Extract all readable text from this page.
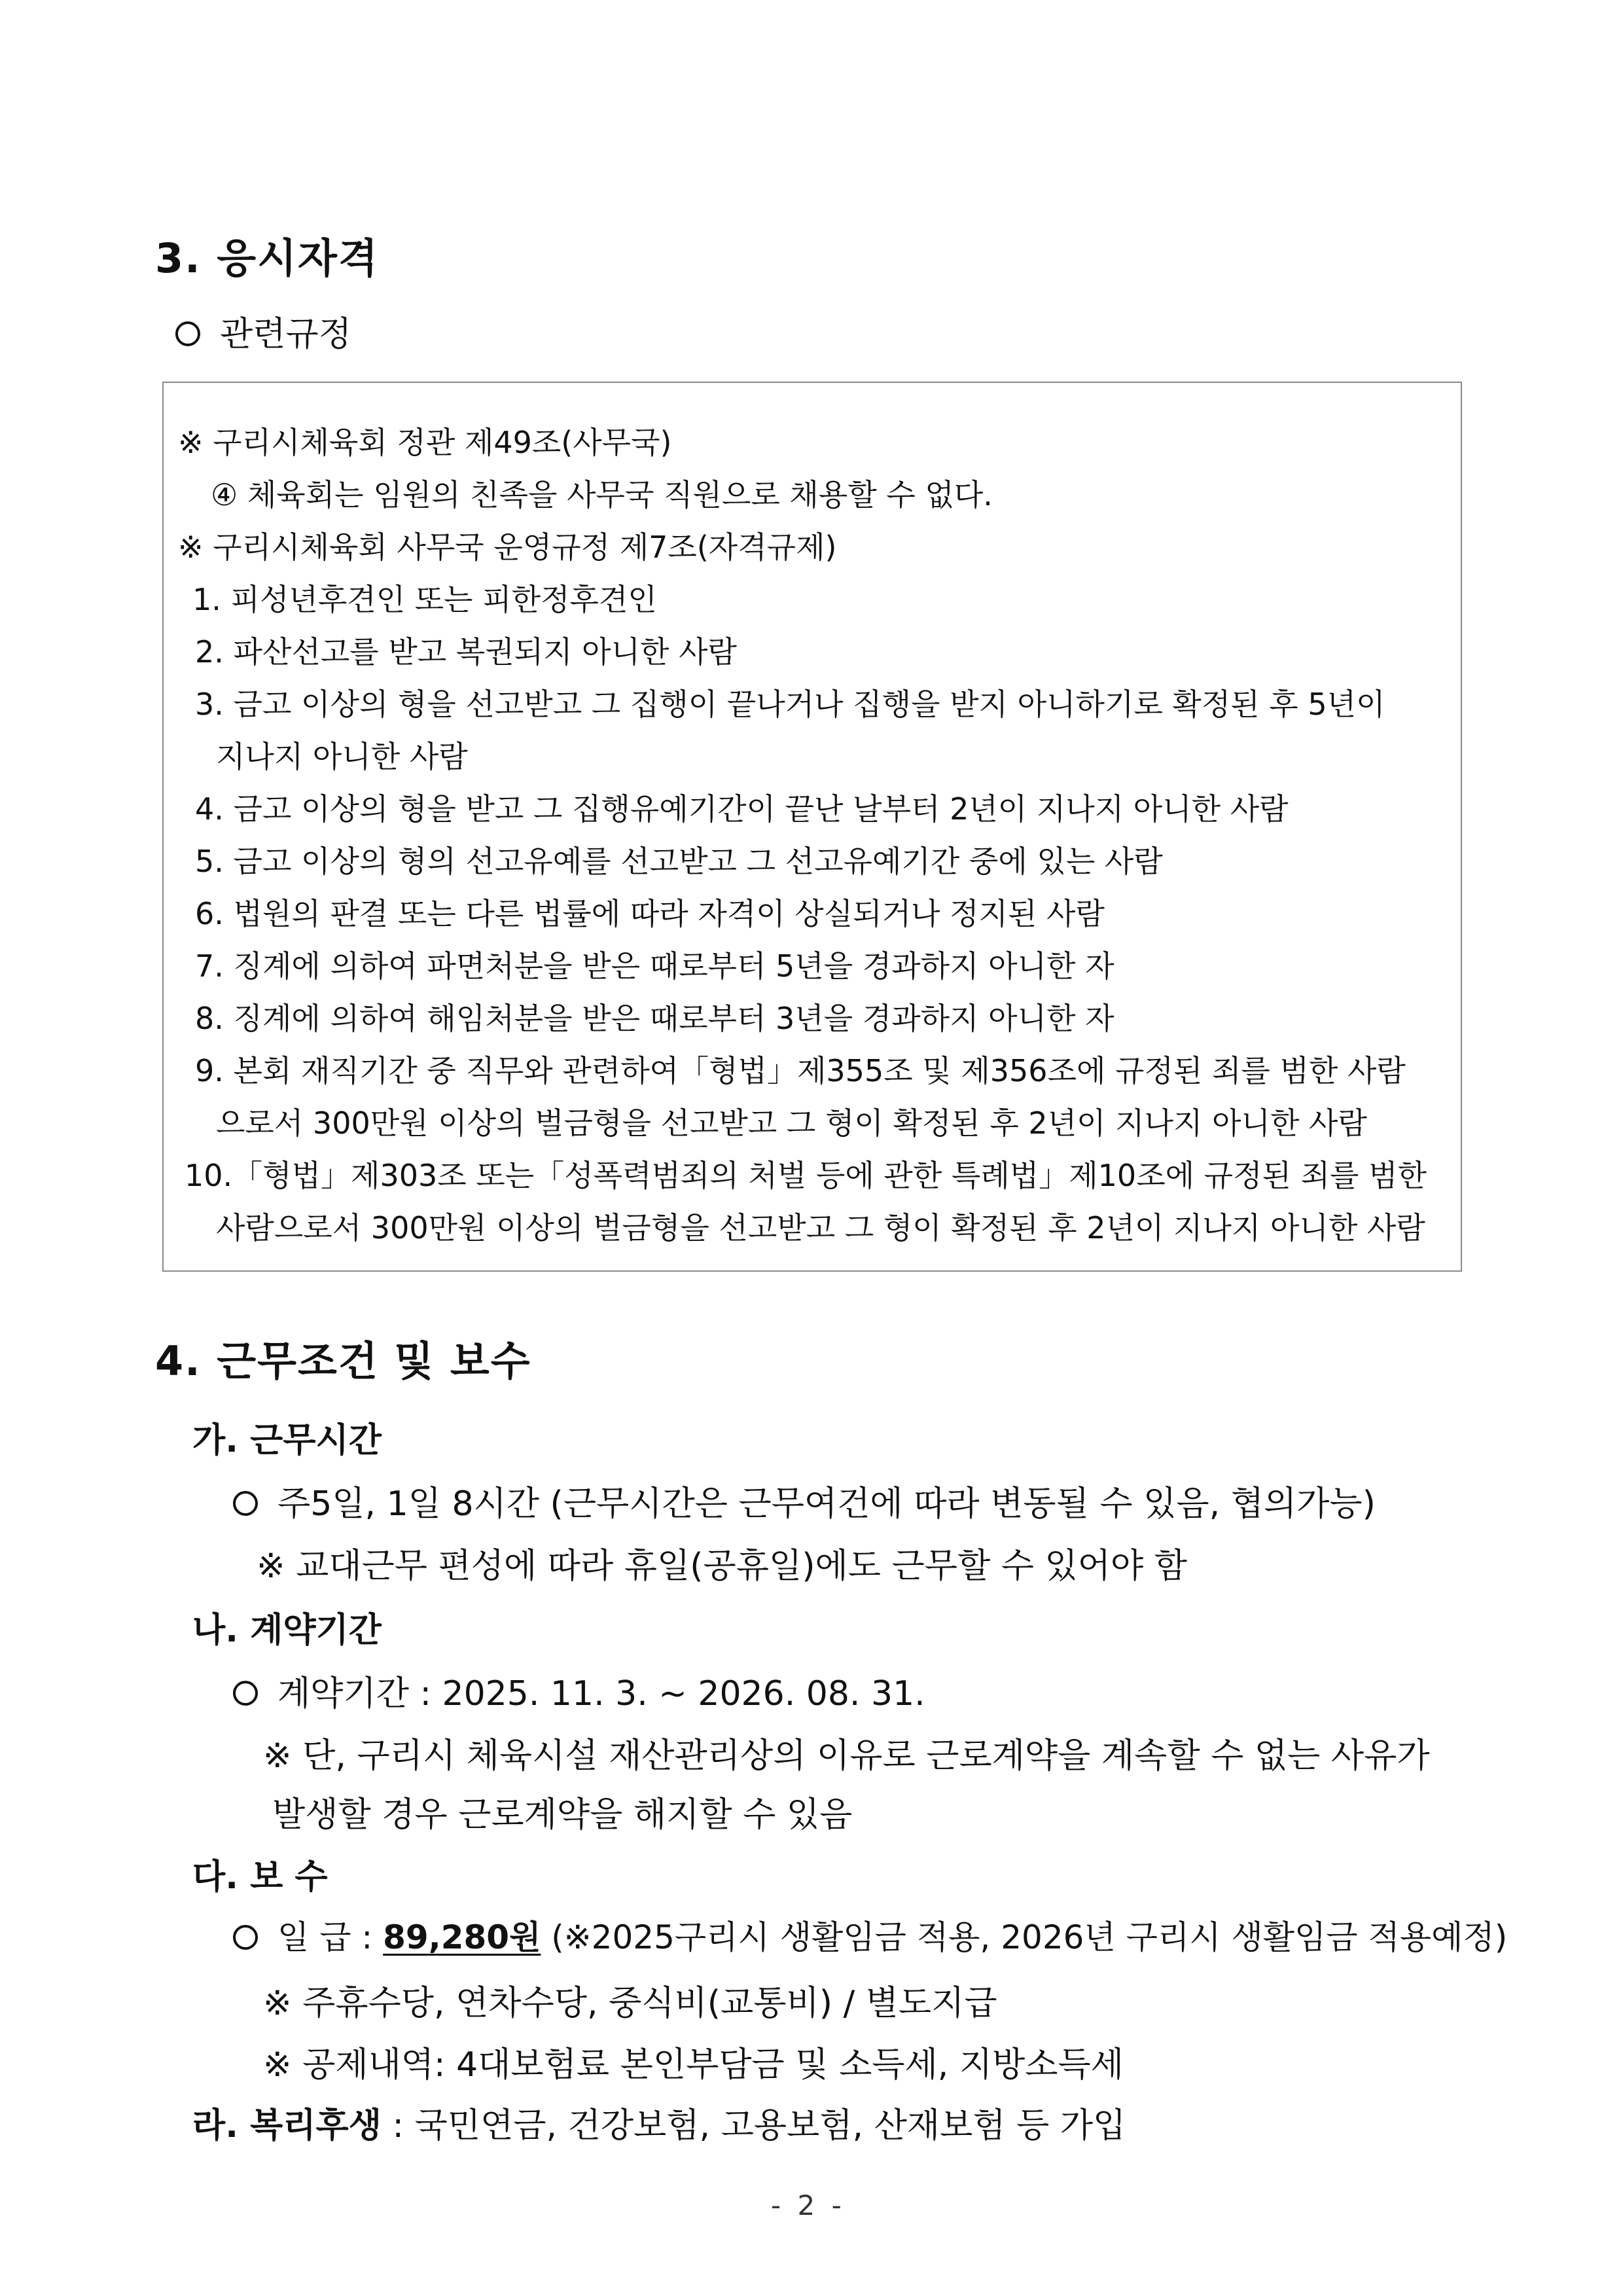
3. 응시자격
관련규정
※ 구리시체육회 정관 제49조(사무국)
④ 체육회는 임원의 친족을 사무국 직원으로 채용할 수 없다.
※ 구리시체육회 사무국 운영규정 제7조(자격규제)
1. 피성년후견인 또는 피한정후견인
2. 파산선고를 받고 복권되지 아니한 사람
3. 금고 이상의 형을 선고받고 그 집행이 끝나거나 집행을 받지 아니하기로 확정된 후 5년이
지나지 아니한 사람
4. 금고 이상의 형을 받고 그 집행유예기간이 끝난 날부터 2년이 지나지 아니한 사람
5. 금고 이상의 형의 선고유예를 선고받고 그 선고유예기간 중에 있는 사람
6. 법원의 판결 또는 다른 법률에 따라 자격이 상실되거나 정지된 사람
7. 징계에 의하여 파면처분을 받은 때로부터 5년을 경과하지 아니한 자
8. 징계에 의하여 해임처분을 받은 때로부터 3년을 경과하지 아니한 자
9. 본회 재직기간 중 직무와 관련하여「형법」제355조 및 제356조에 규정된 죄를 범한 사람
으로서 300만원 이상의 벌금형을 선고받고 그 형이 확정된 후 2년이 지나지 아니한 사람
10.「형법」제303조 또는「성폭력범죄의 처벌 등에 관한 특례법」제10조에 규정된 죄를 범한
사람으로서 300만원 이상의 벌금형을 선고받고 그 형이 확정된 후 2년이 지나지 아니한 사람
4. 근무조건 및 보수
가. 근무시간
주5일, 1일 8시간 (근무시간은 근무여건에 따라 변동될 수 있음, 협의가능)
※ 교대근무 편성에 따라 휴일(공휴일)에도 근무할 수 있어야 함
나. 계약기간
계약기간 : 2025. 11. 3. ~ 2026. 08. 31.
※ 단, 구리시 체육시설 재산관리상의 이유로 근로계약을 계속할 수 없는 사유가
발생할 경우 근로계약을 해지할 수 있음
다. 보 수
일 급 : 89,280원 (※2025구리시 생활임금 적용, 2026년 구리시 생활임금 적용예정)
※ 주휴수당, 연차수당, 중식비(교통비) / 별도지급
※ 공제내역: 4대보험료 본인부담금 및 소득세, 지방소득세
라. 복리후생 : 국민연금, 건강보험, 고용보험, 산재보험 등 가입
- 2 -
